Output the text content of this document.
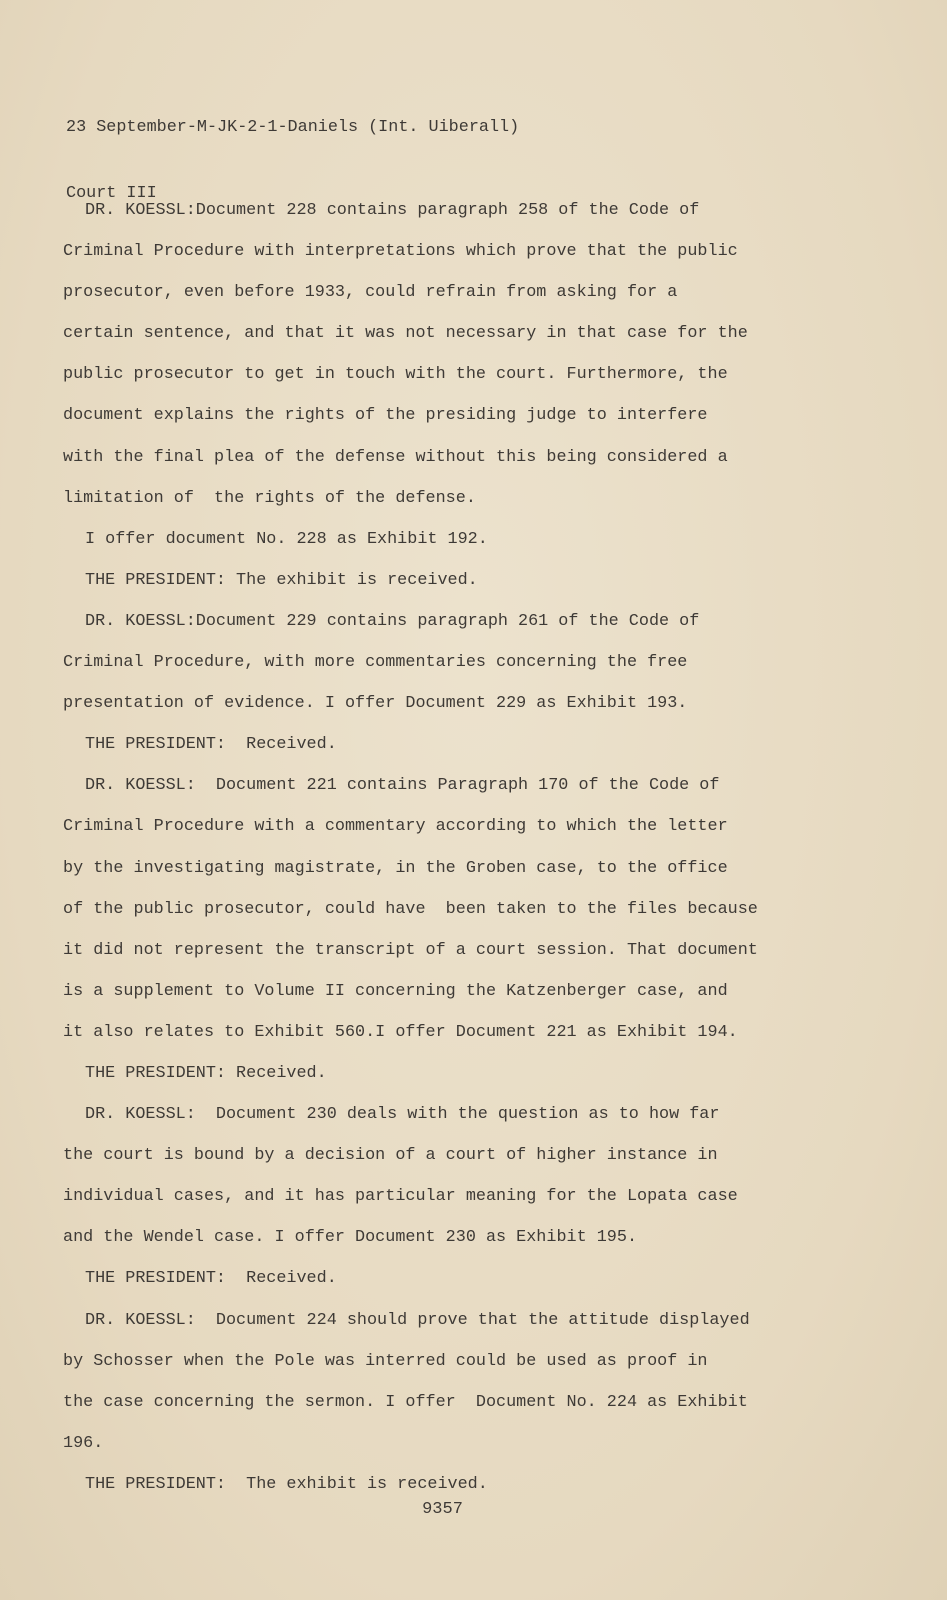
23 September-M-JK-2-1-Daniels (Int. Uiberall)

Court III

DR. KOESSL:Document 228 contains paragraph 258 of the Code of
Criminal Procedure with interpretations which prove that the public
prosecutor, even before 1933, could refrain from asking for a
certain sentence, and that it was not necessary in that case for the
public prosecutor to get in touch with the court. Furthermore, the
document explains the rights of the presiding judge to interfere
with the final plea of the defense without this being considered a
limitation of  the rights of the defense.
I offer document No. 228 as Exhibit 192.
THE PRESIDENT: The exhibit is received.
DR. KOESSL:Document 229 contains paragraph 261 of the Code of
Criminal Procedure, with more commentaries concerning the free
presentation of evidence. I offer Document 229 as Exhibit 193.
THE PRESIDENT:  Received.
DR. KOESSL:  Document 221 contains Paragraph 170 of the Code of
Criminal Procedure with a commentary according to which the letter
by the investigating magistrate, in the Groben case, to the office
of the public prosecutor, could have  been taken to the files because
it did not represent the transcript of a court session. That document
is a supplement to Volume II concerning the Katzenberger case, and
it also relates to Exhibit 560.I offer Document 221 as Exhibit 194.
THE PRESIDENT: Received.
DR. KOESSL:  Document 230 deals with the question as to how far
the court is bound by a decision of a court of higher instance in
individual cases, and it has particular meaning for the Lopata case
and the Wendel case. I offer Document 230 as Exhibit 195.
THE PRESIDENT:  Received.
DR. KOESSL:  Document 224 should prove that the attitude displayed
by Schosser when the Pole was interred could be used as proof in
the case concerning the sermon. I offer  Document No. 224 as Exhibit
196.
THE PRESIDENT:  The exhibit is received.
9357
